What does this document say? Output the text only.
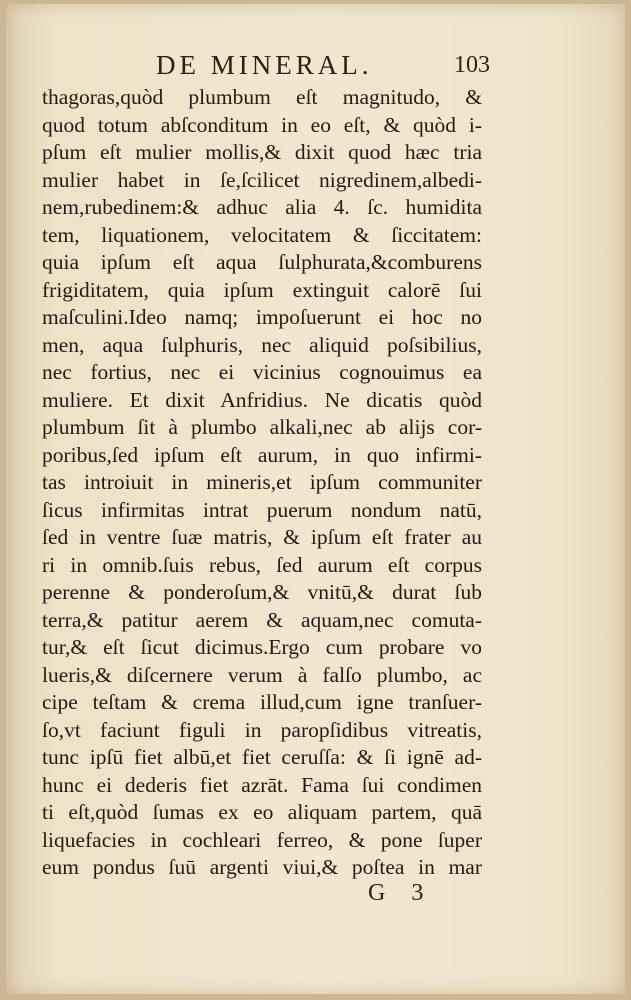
DE MINERAL.	103
thagoras,quòd plumbum eſt magnitudo, &
quod totum abſconditum in eo eſt, & quòd i-
pſum eſt mulier mollis,& dixit quod hæc tria
mulier habet in ſe,ſcilicet nigredinem,albedi-
nem,rubedinem:& adhuc alia 4. ſc. humidita
tem, liquationem, velocitatem & ſiccitatem:
quia ipſum eſt aqua ſulphurata,&comburens
frigiditatem, quia ipſum extinguit calorē ſui
maſculini.Ideo namq; impoſuerunt ei hoc no
men, aqua ſulphuris, nec aliquid poſsibilius,
nec fortius, nec ei vicinius cognouimus ea
muliere. Et dixit Anfridius. Ne dicatis quòd
plumbum ſit à plumbo alkali,nec ab alijs cor-
poribus,ſed ipſum eſt aurum, in quo infirmi-
tas introiuit in mineris,et ipſum communiter
ſicus infirmitas intrat puerum nondum natū,
ſed in ventre ſuæ matris, & ipſum eſt frater au
ri in omnib.ſuis rebus, ſed aurum eſt corpus
perenne & ponderoſum,& vnitū,& durat ſub
terra,& patitur aerem & aquam,nec comuta-
tur,& eſt ſicut dicimus.Ergo cum probare vo
lueris,& diſcernere verum à falſo plumbo, ac
cipe teſtam & crema illud,cum igne tranſuer-
ſo,vt faciunt figuli in paropſidibus vitreatis,
tunc ipſū fiet albū,et fiet ceruſſa: & ſi ignē ad-
hunc ei dederis fiet azrāt. Fama ſui condimen
ti eſt,quòd ſumas ex eo aliquam partem, quā
liquefacies in cochleari ferreo, & pone ſuper
eum pondus ſuū argenti viui,& poſtea in mar
G 3
